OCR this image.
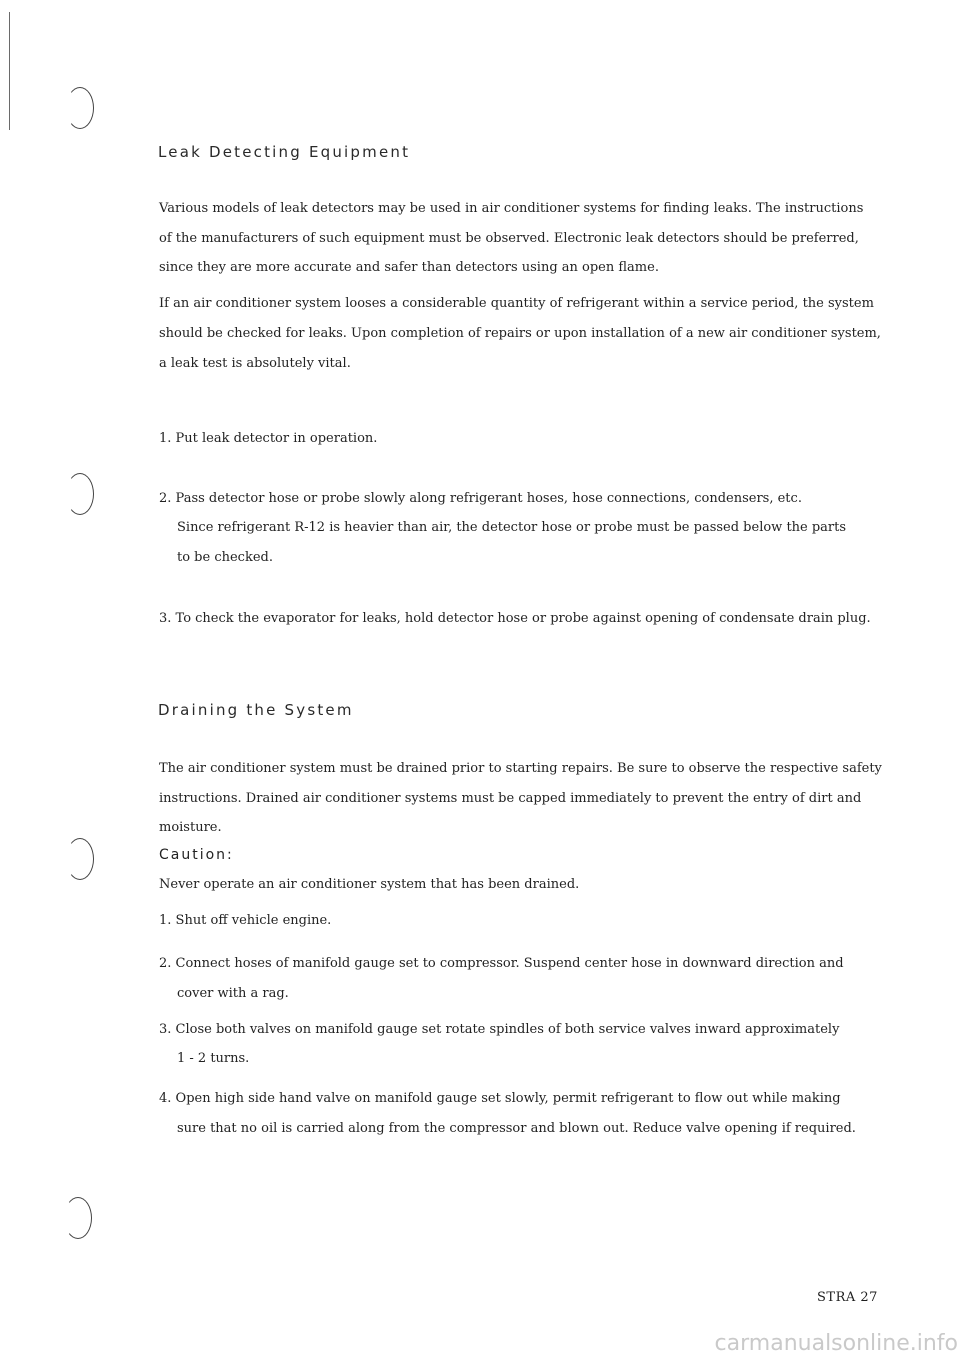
Leak Detecting Equipment
Various models of leak detectors may be used in air conditioner systems for finding leaks. The instructions
of the manufacturers of such equipment must be observed. Electronic leak detectors should be preferred,
since they are more accurate and safer than detectors using an open flame.
If an air conditioner system looses a considerable quantity of refrigerant within a service period, the system
should be checked for leaks. Upon completion of repairs or upon installation of a new air conditioner system,
a leak test is absolutely vital.
1. Put leak detector in operation.
2. Pass detector hose or probe slowly along refrigerant hoses, hose connections, condensers, etc.
Since refrigerant R-12 is heavier than air, the detector hose or probe must be passed below the parts
to be checked.
3. To check the evaporator for leaks, hold detector hose or probe against opening of condensate drain plug.
Draining the System
The air conditioner system must be drained prior to starting repairs. Be sure to observe the respective safety
instructions. Drained air conditioner systems must be capped immediately to prevent the entry of dirt and
moisture.
Caution:
Never operate an air conditioner system that has been drained.
1. Shut off vehicle engine.
2. Connect hoses of manifold gauge set to compressor. Suspend center hose in downward direction and
cover with a rag.
3. Close both valves on manifold gauge set rotate spindles of both service valves inward approximately
1 - 2 turns.
4. Open high side hand valve on manifold gauge set slowly, permit refrigerant to flow out while making
sure that no oil is carried along from the compressor and blown out. Reduce valve opening if required.
STRA 27
carmanualsonline.info
